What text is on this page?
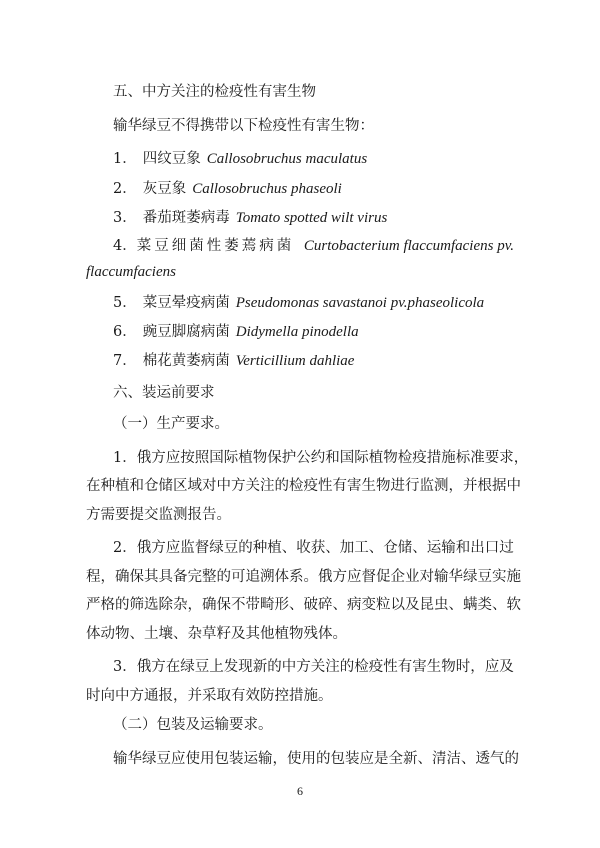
五、中方关注的检疫性有害生物
输华绿豆不得携带以下检疫性有害生物：
1． 四纹豆象 Callosobruchus maculatus
2． 灰豆象 Callosobruchus phaseoli
3． 番茄斑萎病毒 Tomato spotted wilt virus
4．菜豆细菌性萎蔫病菌 Curtobacterium flaccumfaciens pv.
flaccumfaciens
5． 菜豆晕疫病菌 Pseudomonas savastanoi pv.phaseolicola
6． 豌豆脚腐病菌 Didymella pinodella
7． 棉花黄萎病菌 Verticillium dahliae
六、装运前要求
（一）生产要求。
1．俄方应按照国际植物保护公约和国际植物检疫措施标准要求，
在种植和仓储区域对中方关注的检疫性有害生物进行监测，并根据中
方需要提交监测报告。
2．俄方应监督绿豆的种植、收获、加工、仓储、运输和出口过
程，确保其具备完整的可追溯体系。俄方应督促企业对输华绿豆实施
严格的筛选除杂，确保不带畸形、破碎、病变粒以及昆虫、螨类、软
体动物、土壤、杂草籽及其他植物残体。
3．俄方在绿豆上发现新的中方关注的检疫性有害生物时，应及
时向中方通报，并采取有效防控措施。
（二）包装及运输要求。
输华绿豆应使用包装运输，使用的包装应是全新、清洁、透气的
6
